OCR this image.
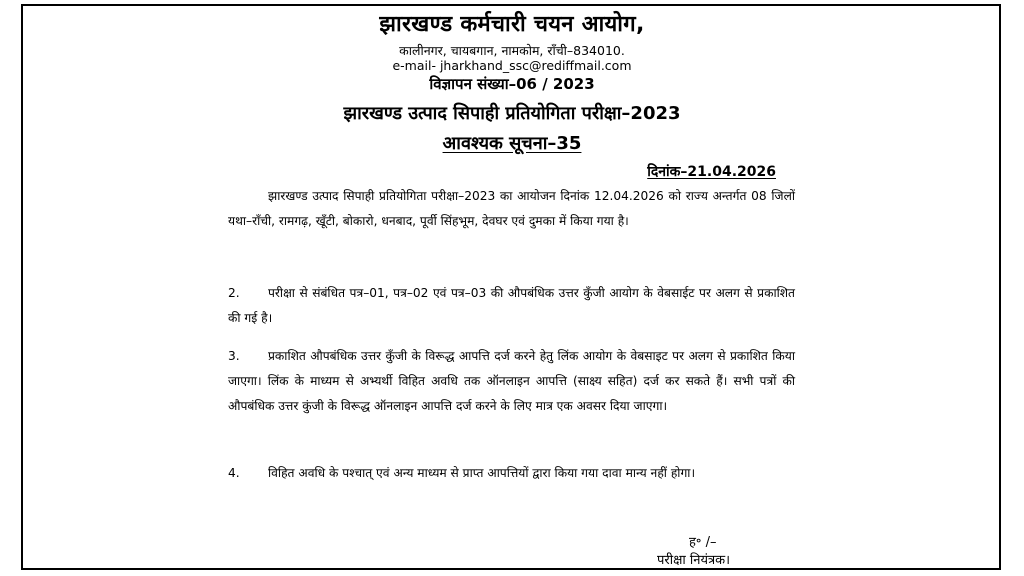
झारखण्ड कर्मचारी चयन आयोग,
कालीनगर, चायबगान, नामकोम, राँची–834010.
e-mail- jharkhand_ssc@rediffmail.com
विज्ञापन संख्या–06 / 2023
झारखण्ड उत्पाद सिपाही प्रतियोगिता परीक्षा–2023
आवश्यक सूचना–35
दिनांक–21.04.2026
झारखण्ड उत्पाद सिपाही प्रतियोगिता परीक्षा–2023 का आयोजन दिनांक 12.04.2026 को राज्य अन्तर्गत 08 जिलों यथा–राँची, रामगढ़, खूँटी, बोकारो, धनबाद, पूर्वी सिंहभूम, देवघर एवं दुमका में किया गया है।
2. परीक्षा से संबंधित पत्र–01, पत्र–02 एवं पत्र–03 की औपबंधिक उत्तर कुँजी आयोग के वेबसाईट पर अलग से प्रकाशित की गई है।
3. प्रकाशित औपबंधिक उत्तर कुँजी के विरूद्ध आपत्ति दर्ज करने हेतु लिंक आयोग के वेबसाइट पर अलग से प्रकाशित किया जाएगा। लिंक के माध्यम से अभ्यर्थी विहित अवधि तक ऑनलाइन आपत्ति (साक्ष्य सहित) दर्ज कर सकते हैं। सभी पत्रों की औपबंधिक उत्तर कुंजी के विरूद्ध ऑनलाइन आपत्ति दर्ज करने के लिए मात्र एक अवसर दिया जाएगा।
4. विहित अवधि के पश्चात् एवं अन्य माध्यम से प्राप्त आपत्तियों द्वारा किया गया दावा मान्य नहीं होगा।
ह॰ /–
परीक्षा नियंत्रक।
